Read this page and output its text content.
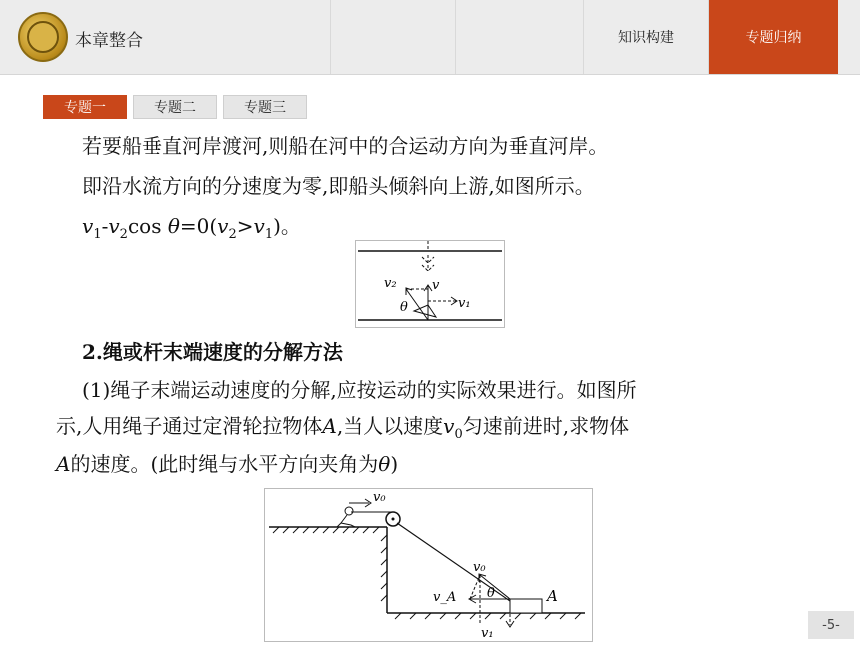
本章整合	知识构建	专题归纳
专题一	专题二	专题三
若要船垂直河岸渡河,则船在河中的合运动方向为垂直河岸。
即沿水流方向的分速度为零,即船头倾斜向上游,如图所示。
$v_1-v_2\cos$ $\theta=0(v_2>v_1)$。
v₂	v
v₁
θ
2.绳或杆末端速度的分解方法
(1)绳子末端运动速度的分解,应按运动的实际效果进行。如图所
示,人用绳子通过定滑轮拉物体A,当人以速度$v_0$匀速前进时,求物体
A的速度。(此时绳与水平方向夹角为θ)
v₀
v₀
v_A θ	A
v₁
-5-
